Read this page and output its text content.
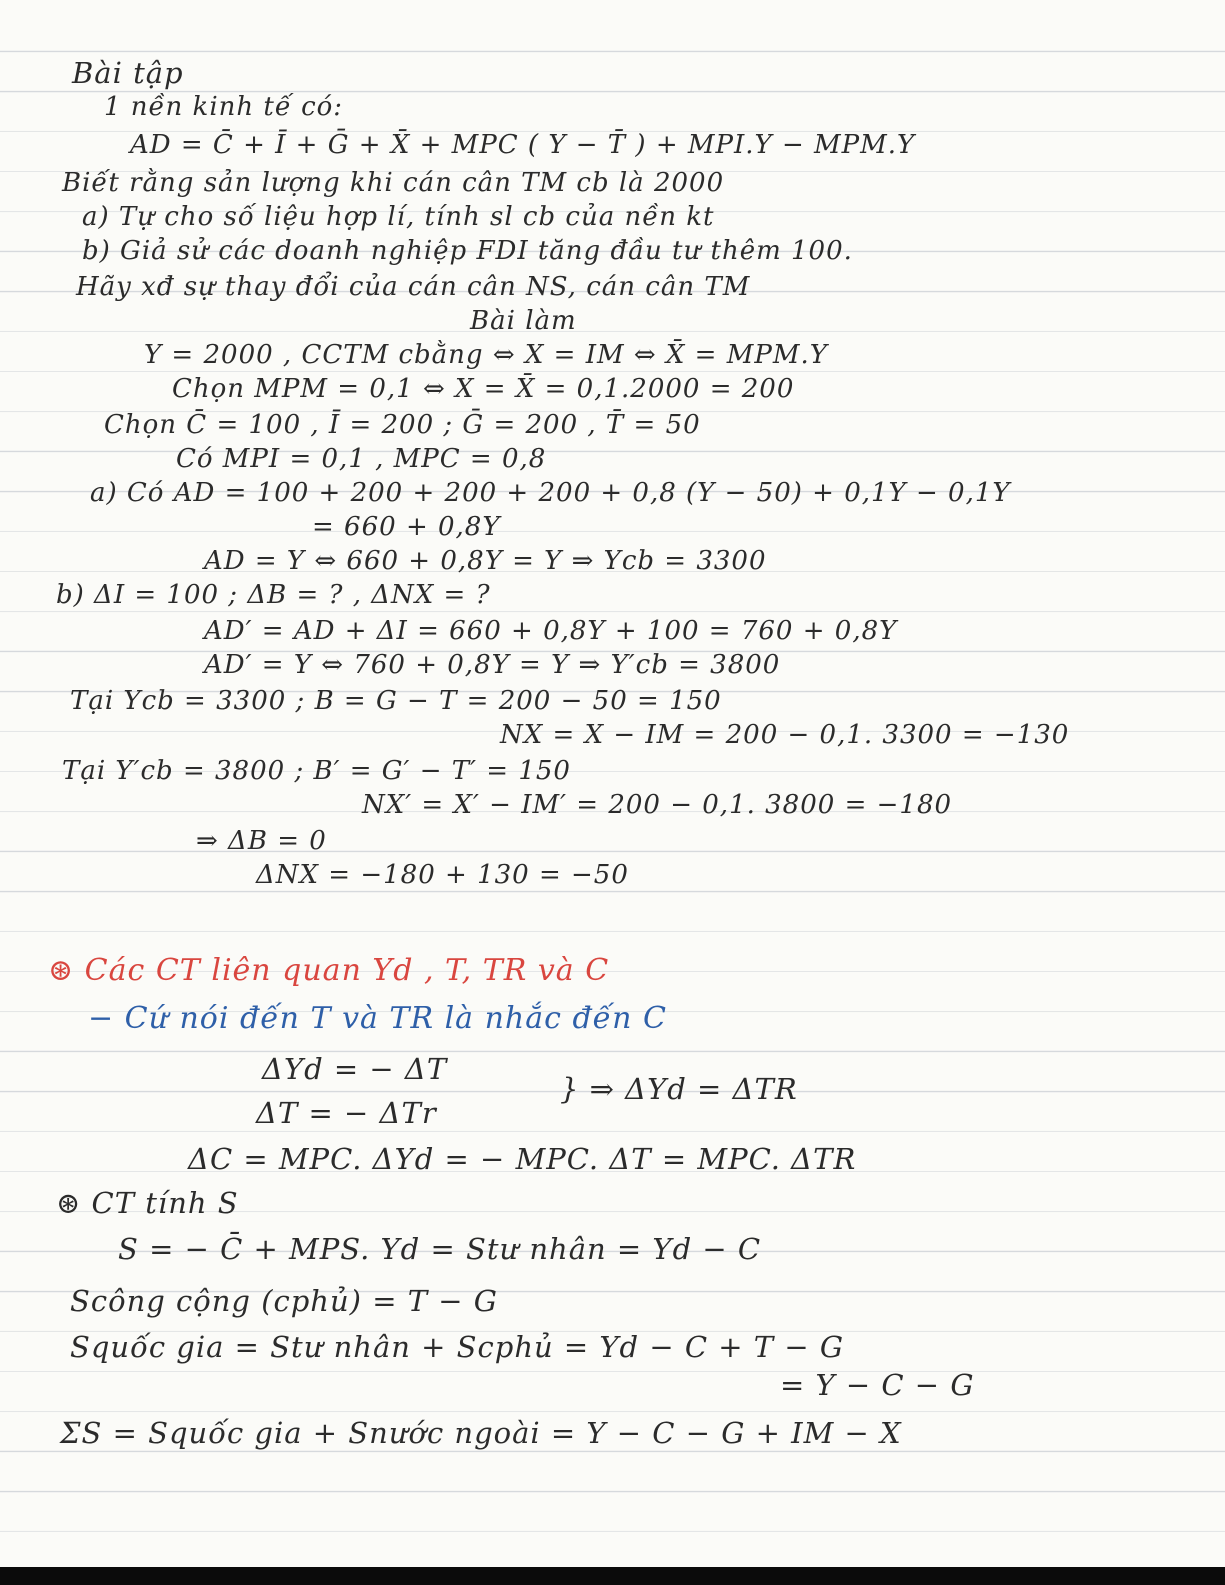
Bài tập
1 nền kinh tế có:
AD = C̄ + Ī + Ḡ + X̄ + MPC ( Y − T̄ ) + MPI.Y − MPM.Y
Biết rằng sản lượng khi cán cân TM cb là 2000
a) Tự cho số liệu hợp lí, tính sl cb của nền kt
b) Giả sử các doanh nghiệp FDI tăng đầu tư thêm 100.
Hãy xđ sự thay đổi của cán cân NS, cán cân TM
Bài làm
Y = 2000 , CCTM cbằng ⇔ X = IM ⇔ X̄ = MPM.Y
Chọn MPM = 0,1 ⇔ X = X̄ = 0,1.2000 = 200
Chọn C̄ = 100 , Ī = 200 ; Ḡ = 200 , T̄ = 50
Có MPI = 0,1 , MPC = 0,8
a) Có AD = 100 + 200 + 200 + 200 + 0,8 (Y − 50) + 0,1Y − 0,1Y
= 660 + 0,8Y
AD = Y ⇔ 660 + 0,8Y = Y ⇒ Ycb = 3300
b) ΔI = 100 ; ΔB = ? , ΔNX = ?
AD′ = AD + ΔI = 660 + 0,8Y + 100 = 760 + 0,8Y
AD′ = Y ⇔ 760 + 0,8Y = Y ⇒ Y′cb = 3800
Tại Ycb = 3300 ; B = G − T = 200 − 50 = 150
NX = X − IM = 200 − 0,1. 3300 = −130
Tại Y′cb = 3800 ; B′ = G′ − T′ = 150
NX′ = X′ − IM′ = 200 − 0,1. 3800 = −180
⇒ ΔB = 0
ΔNX = −180 + 130 = −50
⊛ Các CT liên quan Yd , T, TR và C
− Cứ nói đến T và TR là nhắc đến C
ΔYd = − ΔT
ΔT = − ΔTr
} ⇒ ΔYd = ΔTR
ΔC = MPC. ΔYd = − MPC. ΔT = MPC. ΔTR
⊛ CT tính S
S = − C̄ + MPS. Yd = Stư nhân = Yd − C
Scông cộng (cphủ) = T − G
Squốc gia = Stư nhân + Scphủ = Yd − C + T − G
= Y − C − G
ΣS = Squốc gia + Snước ngoài = Y − C − G + IM − X
